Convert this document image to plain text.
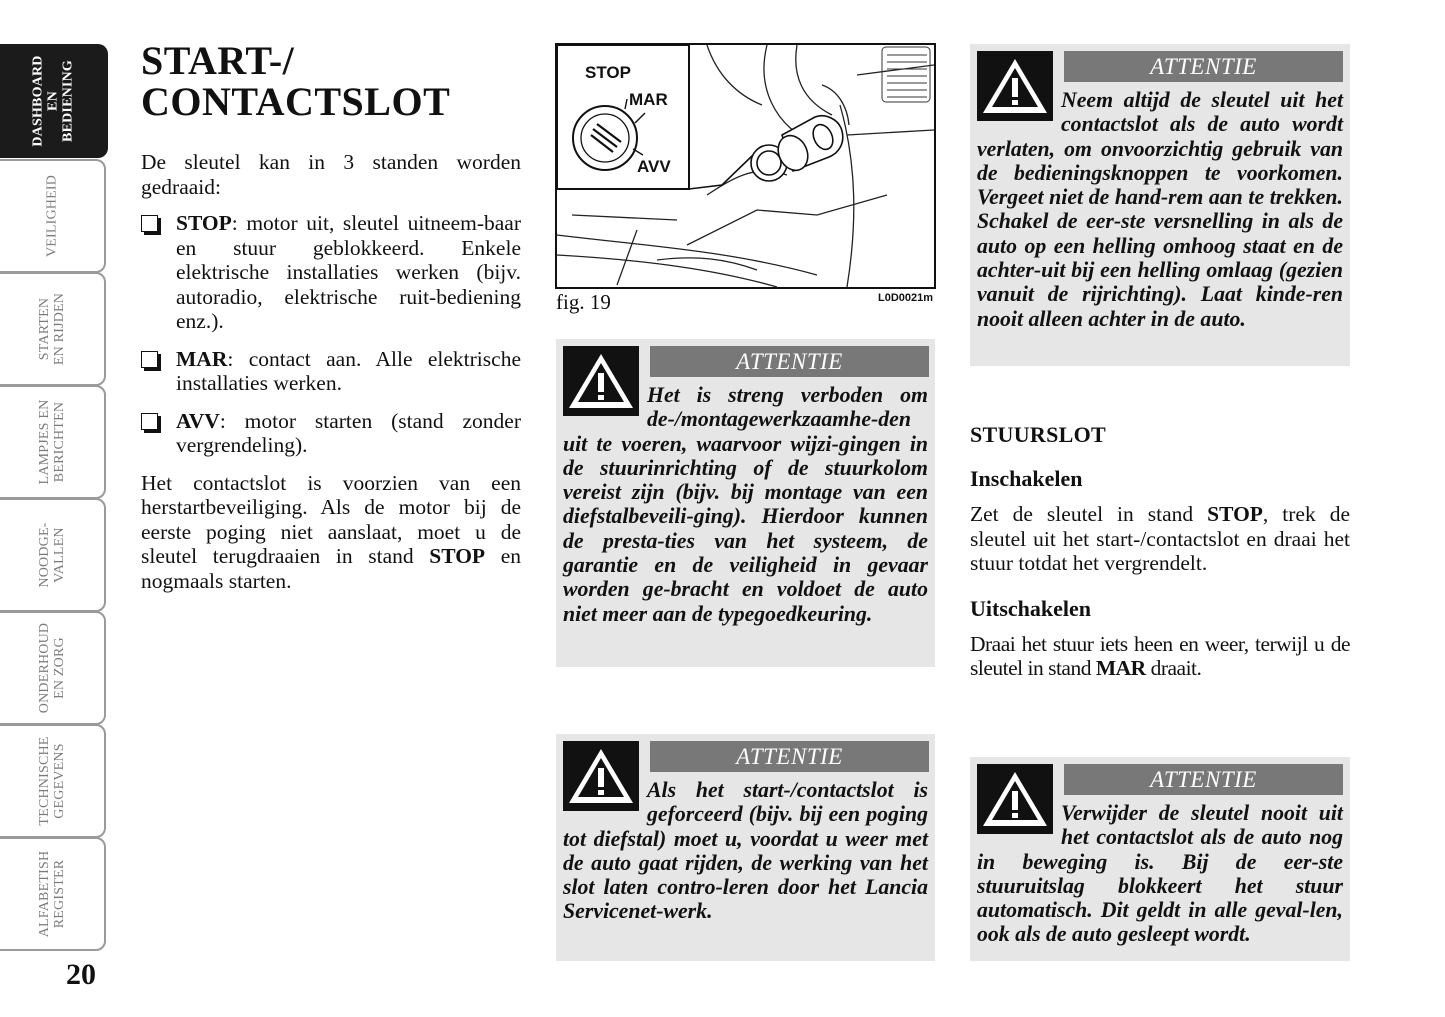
DASHBOARD
EN
BEDIENING
VEILIGHEID
STARTEN
EN RIJDEN
LAMPJES EN
BERICHTEN
NOODGE-
VALLEN
ONDERHOUD
EN ZORG
TECHNISCHE
GEGEVENS
ALFABETISH
REGISTER
20
START-/
CONTACTSLOT

De sleutel kan in 3 standen worden gedraaid:

STOP: motor uit, sleutel uitneem-baar en stuur geblokkeerd. Enkele elektrische installaties werken (bijv. autoradio, elektrische ruit-bediening enz.).
MAR: contact aan. Alle elektrische installaties werken.
AVV: motor starten (stand zonder vergrendeling).

Het contactslot is voorzien van een herstartbeveiliging. Als de motor bij de eerste poging niet aanslaat, moet u de sleutel terugdraaien in stand STOP en nogmaals starten.

STOP
MAR
AVV
fig. 19	L0D0021m
ATTENTIE
Het is streng verboden om de-/montagewerkzaamhe-den uit te voeren, waarvoor wijzi-gingen in de stuurinrichting of de stuurkolom vereist zijn (bijv. bij montage van een diefstalbeveili-ging). Hierdoor kunnen de presta-ties van het systeem, de garantie en de veiligheid in gevaar worden ge-bracht en voldoet de auto niet meer aan de typegoedkeuring.
ATTENTIE
Als het start-/contactslot is geforceerd (bijv. bij een poging tot diefstal) moet u, voordat u weer met de auto gaat rijden, de werking van het slot laten contro-leren door het Lancia Servicenet-werk.
ATTENTIE
Neem altijd de sleutel uit het contactslot als de auto wordt verlaten, om onvoorzichtig gebruik van de bedieningsknoppen te voorkomen. Vergeet niet de hand-rem aan te trekken. Schakel de eer-ste versnelling in als de auto op een helling omhoog staat en de achter-uit bij een helling omlaag (gezien vanuit de rijrichting). Laat kinde-ren nooit alleen achter in de auto.
STUURSLOT
Inschakelen

Zet de sleutel in stand STOP, trek de sleutel uit het start-/contactslot en draai het stuur totdat het vergrendelt.

Uitschakelen

Draai het stuur iets heen en weer, terwijl u de sleutel in stand MAR draait.

ATTENTIE
Verwijder de sleutel nooit uit het contactslot als de auto nog in beweging is. Bij de eer-ste stuuruitslag blokkeert het stuur automatisch. Dit geldt in alle geval-len, ook als de auto gesleept wordt.
